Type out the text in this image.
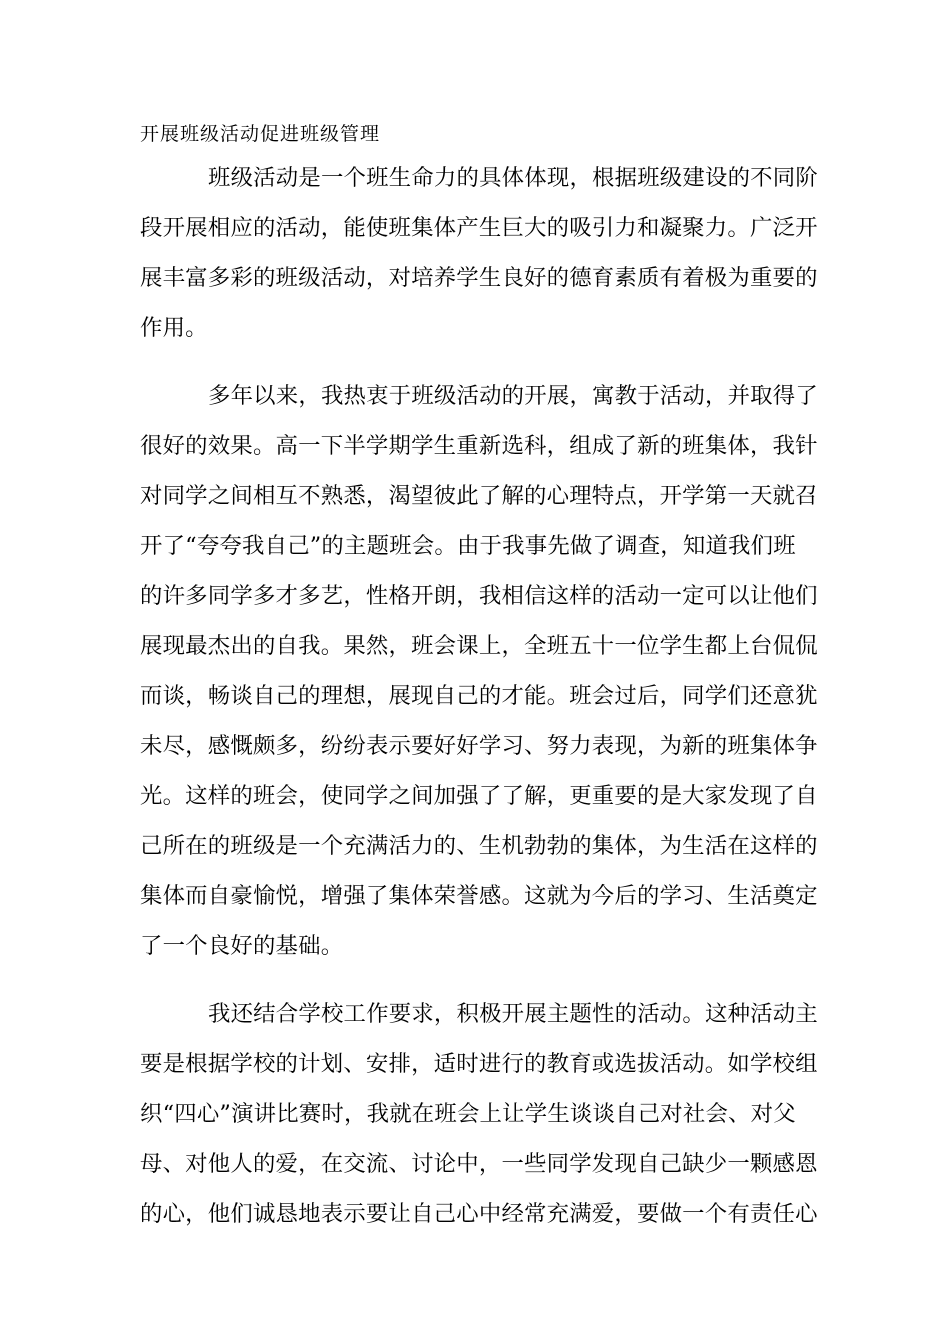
开展班级活动促进班级管理
班级活动是一个班生命力的具体体现，根据班级建设的不同阶
段开展相应的活动，能使班集体产生巨大的吸引力和凝聚力。广泛开
展丰富多彩的班级活动，对培养学生良好的德育素质有着极为重要的
作用。
多年以来，我热衷于班级活动的开展，寓教于活动，并取得了
很好的效果。高一下半学期学生重新选科，组成了新的班集体，我针
对同学之间相互不熟悉，渴望彼此了解的心理特点，开学第一天就召
开了“夸夸我自己”的主题班会。由于我事先做了调查，知道我们班
的许多同学多才多艺，性格开朗，我相信这样的活动一定可以让他们
展现最杰出的自我。果然，班会课上，全班五十一位学生都上台侃侃
而谈，畅谈自己的理想，展现自己的才能。班会过后，同学们还意犹
未尽，感慨颇多，纷纷表示要好好学习、努力表现，为新的班集体争
光。这样的班会，使同学之间加强了了解，更重要的是大家发现了自
己所在的班级是一个充满活力的、生机勃勃的集体，为生活在这样的
集体而自豪愉悦，增强了集体荣誉感。这就为今后的学习、生活奠定
了一个良好的基础。
我还结合学校工作要求，积极开展主题性的活动。这种活动主
要是根据学校的计划、安排，适时进行的教育或选拔活动。如学校组
织“四心”演讲比赛时，我就在班会上让学生谈谈自己对社会、对父
母、对他人的爱，在交流、讨论中，一些同学发现自己缺少一颗感恩
的心，他们诚恳地表示要让自己心中经常充满爱，要做一个有责任心
